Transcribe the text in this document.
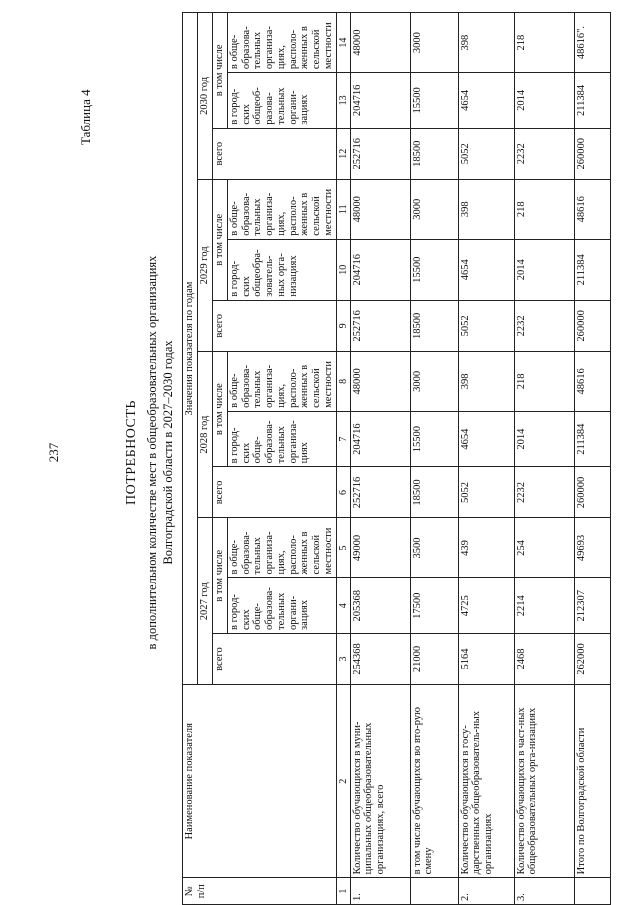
237
Таблица 4
ПОТРЕБНОСТЬ в дополнительном количестве мест в общеобразовательных организациях Волгоградской области в 2027–2030 годах
№ п/п	Наименование показателя	Значения показателя по годам											
		2027 год			2028 год			2029 год			2030 год		
		всего	в том числе		всего	в том числе		всего	в том числе		всего	в том числе	
			в город-ских обще-образова-тельных органи-зациях	в обще-образова-тельных организа-циях, располо-женных в сельской местности		в город-ских обще-образова-тельных организа-циях	в обще-образова-тельных организа-циях, располо-женных в сельской местности		в город-ских общеобра-зователь-ных орга-низациях	в обще-образова-тельных организа-циях, располо-женных в сельской местности		в город-ских общеоб-разова-тельных органи-зациях	в обще-образова-тельных организа-циях, располо-женных в сельской местности
1	2	3	4	5	6	7	8	9	10	11	12	13	14
1.	Количество обучающихся в муни-ципальных общеобразовательных организациях, всего	254368	205368	49000	252716	204716	48000	252716	204716	48000	252716	204716	48000
	в том числе обучающихся во вто-рую смену	21000	17500	3500	18500	15500	3000	18500	15500	3000	18500	15500	3000
2.	Количество обучающихся в госу-дарственных общеобразователь-ных организациях	5164	4725	439	5052	4654	398	5052	4654	398	5052	4654	398
3.	Количество обучающихся в част-ных общеобразовательных орга-низациях	2468	2214	254	2232	2014	218	2232	2014	218	2232	2014	218
	Итого по Волгоградской области	262000	212307	49693	260000	211384	48616	260000	211384	48616	260000	211384	48616".
